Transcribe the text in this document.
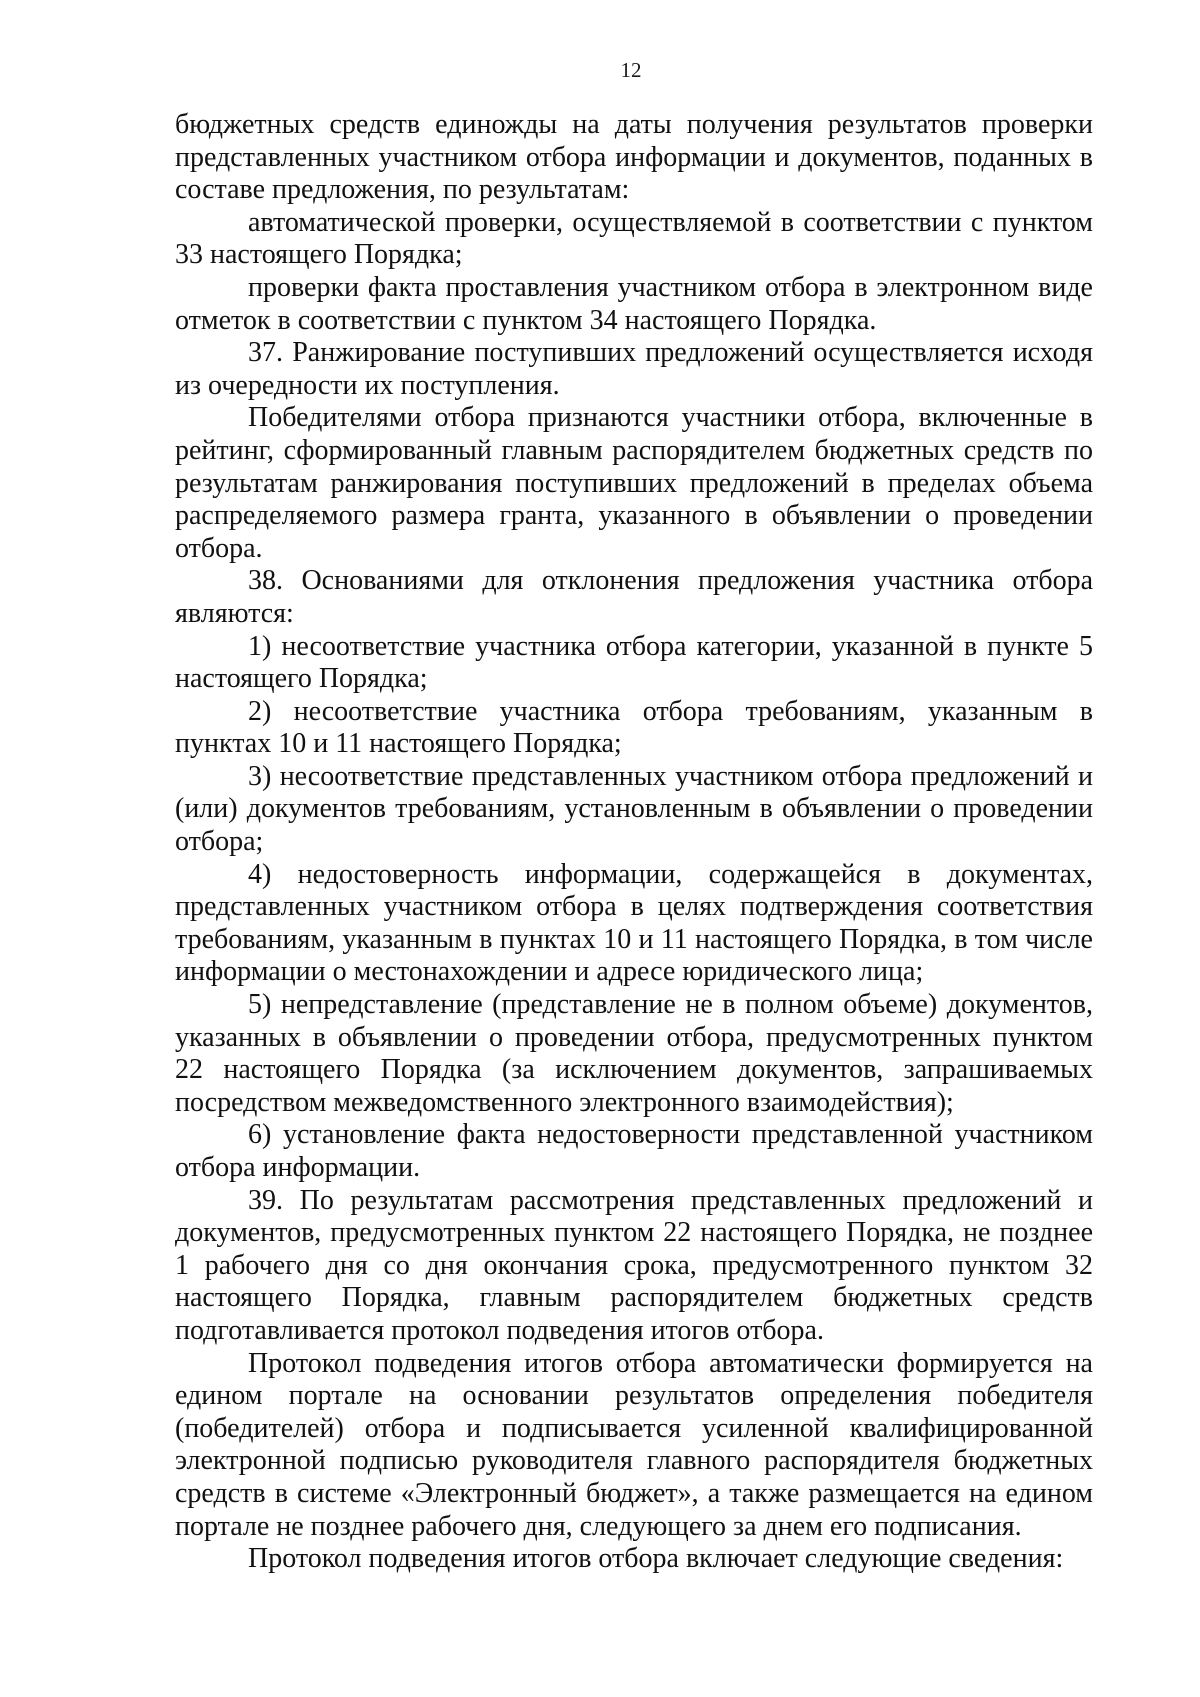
12

бюджетных средств единожды на даты получения результатов проверки представленных участником отбора информации и документов, поданных в составе предложения, по результатам:

автоматической проверки, осуществляемой в соответствии с пунктом 33 настоящего Порядка;

проверки факта проставления участником отбора в электронном виде отметок в соответствии с пунктом 34 настоящего Порядка.

37. Ранжирование поступивших предложений осуществляется исходя из очередности их поступления.

Победителями отбора признаются участники отбора, включенные в рейтинг, сформированный главным распорядителем бюджетных средств по результатам ранжирования поступивших предложений в пределах объема распределяемого размера гранта, указанного в объявлении о проведении отбора.

38. Основаниями для отклонения предложения участника отбора являются:

1) несоответствие участника отбора категории, указанной в пункте 5 настоящего Порядка;

2) несоответствие участника отбора требованиям, указанным в пунктах 10 и 11 настоящего Порядка;

3) несоответствие представленных участником отбора предложений и (или) документов требованиям, установленным в объявлении о проведении отбора;

4) недостоверность информации, содержащейся в документах, представленных участником отбора в целях подтверждения соответствия требованиям, указанным в пунктах 10 и 11 настоящего Порядка, в том числе информации о местонахождении и адресе юридического лица;

5) непредставление (представление не в полном объеме) документов, указанных в объявлении о проведении отбора, предусмотренных пунктом 22 настоящего Порядка (за исключением документов, запрашиваемых посредством межведомственного электронного взаимодействия);

6) установление факта недостоверности представленной участником отбора информации.

39. По результатам рассмотрения представленных предложений и документов, предусмотренных пунктом 22 настоящего Порядка, не позднее 1 рабочего дня со дня окончания срока, предусмотренного пунктом 32 настоящего Порядка, главным распорядителем бюджетных средств подготавливается протокол подведения итогов отбора.

Протокол подведения итогов отбора автоматически формируется на едином портале на основании результатов определения победителя (победителей) отбора и подписывается усиленной квалифицированной электронной подписью руководителя главного распорядителя бюджетных средств в системе «Электронный бюджет», а также размещается на едином портале не позднее рабочего дня, следующего за днем его подписания.

Протокол подведения итогов отбора включает следующие сведения:
